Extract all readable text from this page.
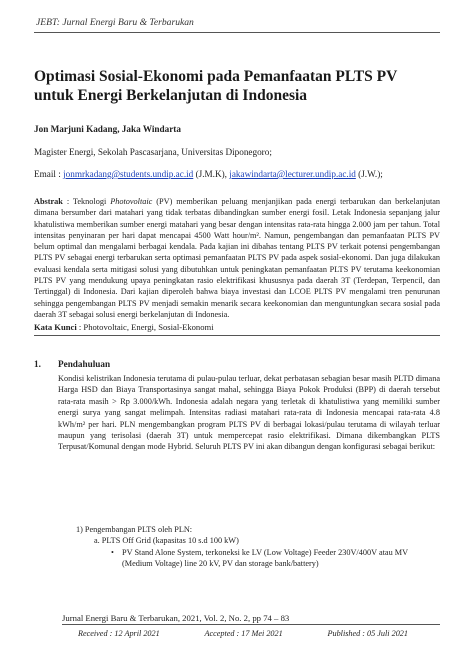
JEBT: Jurnal Energi Baru & Terbarukan
Optimasi Sosial-Ekonomi pada Pemanfaatan PLTS PV untuk Energi Berkelanjutan di Indonesia
Jon Marjuni Kadang, Jaka Windarta
Magister Energi, Sekolah Pascasarjana, Universitas Diponegoro;
Email : jonmrkadang@students.undip.ac.id (J.M.K), jakawindarta@lecturer.undip.ac.id (J.W.);
Abstrak : Teknologi Photovoltaic (PV) memberikan peluang menjanjikan pada energi terbarukan dan berkelanjutan dimana bersumber dari matahari yang tidak terbatas dibandingkan sumber energi fosil. Letak Indonesia sepanjang jalur khatulistiwa memberikan sumber energi matahari yang besar dengan intensitas rata-rata hingga 2.000 jam per tahun. Total intensitas penyinaran per hari dapat mencapai 4500 Watt hour/m². Namun, pengembangan dan pemanfaatan PLTS PV belum optimal dan mengalami berbagai kendala. Pada kajian ini dibahas tentang PLTS PV terkait potensi pengembangan PLTS PV sebagai energi terbarukan serta optimasi pemanfaatan PLTS PV pada aspek sosial-ekonomi. Dan juga dilakukan evaluasi kendala serta mitigasi solusi yang dibutuhkan untuk peningkatan pemanfaatan PLTS PV terutama keekonomian PLTS PV yang mendukung upaya peningkatan rasio elektrifikasi khususnya pada daerah 3T (Terdepan, Terpencil, dan Tertinggal) di Indonesia. Dari kajian diperoleh bahwa biaya investasi dan LCOE PLTS PV mengalami tren penurunan sehingga pengembangan PLTS PV menjadi semakin menarik secara keekonomian dan menguntungkan secara sosial pada daerah 3T sebagai solusi energi berkelanjutan di Indonesia.
Kata Kunci : Photovoltaic, Energi, Sosial-Ekonomi
1. Pendahuluan
Kondisi kelistrikan Indonesia terutama di pulau-pulau terluar, dekat perbatasan sebagian besar masih PLTD dimana Harga HSD dan Biaya Transportasinya sangat mahal, sehingga Biaya Pokok Produksi (BPP) di daerah tersebut rata-rata masih > Rp 3.000/kWh. Indonesia adalah negara yang terletak di khatulistiwa yang memiliki sumber energi surya yang sangat melimpah. Intensitas radiasi matahari rata-rata di Indonesia mencapai rata-rata 4.8 kWh/m² per hari. PLN mengembangkan program PLTS PV di berbagai lokasi/pulau terutama di wilayah terluar maupun yang terisolasi (daerah 3T) untuk mempercepat rasio elektrifikasi. Dimana dikembangkan PLTS Terpusat/Komunal dengan mode Hybrid. Seluruh PLTS PV ini akan dibangun dengan konfigurasi sebagai berikut:
1) Pengembangan PLTS oleh PLN:
a. PLTS Off Grid (kapasitas 10 s.d 100 kW)
• PV Stand Alone System, terkoneksi ke LV (Low Voltage) Feeder 230V/400V atau MV (Medium Voltage) line 20 kV, PV dan storage bank/battery)
Jurnal Energi Baru & Terbarukan, 2021, Vol. 2, No. 2, pp 74 – 83
Received : 12 April 2021	Accepted : 17 Mei 2021	Published : 05 Juli 2021
